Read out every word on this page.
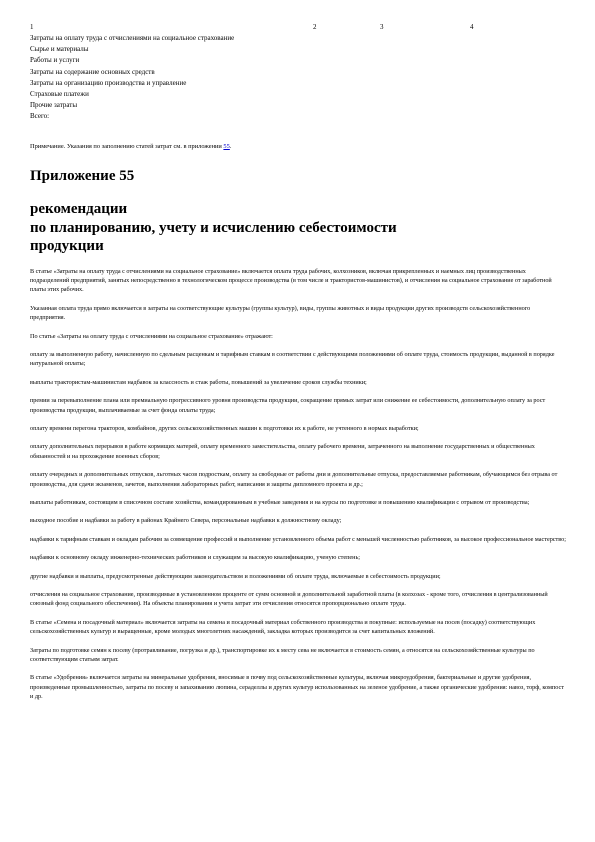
1	2	3	4
Затраты на оплату труда с отчислениями на социальное страхование
Сырье и материалы
Работы и услуги
Затраты на содержание основных средств
Затраты на организацию производства и управление
Страховые платежи
Прочие затраты
Всего:
Примечание. Указания по заполнению статей затрат см. в приложении 55.
Приложение 55
рекомендации
по планированию, учету и исчислению себестоимости
продукции

В статье «Затраты на оплату труда с отчислениями на социальное страхование» включается оплата труда рабочих, колхозников, включая прикрепленных и наемных лиц производственных подразделений предприятий, занятых непосредственно в технологическом процессе производства (в том числе и трактористов-машинистов), и отчисления на социальное страхование от заработной платы этих рабочих.

Указанная оплата труда прямо включается в затраты на соответствующие культуры (группы культур), виды, группы животных и виды продукции других производств сельскохозяйственного предприятия.

По статье «Затраты на оплату труда с отчислениями на социальное страхование» отражают:

оплату за выполненную работу, начисленную по сдельным расценкам и тарифным ставкам в соответствии с действующими положениями об оплате труда, стоимость продукции, выданной в порядке натуральной оплаты;

выплаты трактористам-машинистам надбавок за классность и стаж работы, повышений за увеличение сроков службы техники;

премии за перевыполнение плана или премиальную прогрессивного уровня производства продукции, сокращение прямых затрат или снижение ее себестоимости, дополнительную оплату за рост производства продукции, выплачиваемые за счет фонда оплаты труда;

оплату времени перегона тракторов, комбайнов, других сельскохозяйственных машин к подготовки их к работе, не учтенного в нормах выработки;

оплату дополнительных перерывов в работе кормящих матерей, оплату временного заместительства, оплату рабочего времени, затраченного на выполнение государственных и общественных обязанностей и на прохождение военных сборов;

оплату очередных и дополнительных отпусков, льготных часов подросткам, оплату за свободные от работы дни и дополнительные отпуска, предоставляемые работникам, обучающимся без отрыва от производства, для сдачи экзаменов, зачетов, выполнения лабораторных работ, написания и защиты дипломного проекта и др.;

выплаты работникам, состоящим в списочном составе хозяйства, командированным в учебные заведения и на курсы по подготовке и повышению квалификации с отрывом от производства;

выходное пособие и надбавки за работу в районах Крайнего Севера, персональные надбавки к должностному окладу;

надбавки к тарифным ставкам и окладам рабочим за совмещение профессий и выполнение установленного объема работ с меньшей численностью работников, за высокое профессиональное мастерство;

надбавки к основному окладу инженерно-технических работников и служащим за высокую квалификацию, ученую степень;

другие надбавки и выплаты, предусмотренные действующим законодательством и положениями об оплате труда, включаемые в себестоимость продукции;

отчисления на социальное страхование, производимые в установленном проценте от сумм основной и дополнительной заработной платы (в колхозах - кроме того, отчисления в централизованный союзный фонд социального обеспечения). На объекты планирования и учета затрат эти отчисления относятся пропорционально оплате труда.

В статье «Семена и посадочный материал» включается затраты на семена и посадочный материал собственного производства и покупные: используемые на посев (посадку) соответствующих сельскохозяйственных культур и выращенные, кроме молодых многолетних насаждений, закладка которых производится за счет капитальных вложений.

Затраты по подготовке семян к посеву (протравливание, погрузка и др.), транспортировке их к месту сева не включается в стоимость семян, а относятся на сельскохозяйственные культуры по соответствующим статьям затрат.

В статье «Удобрения» включается затраты на минеральные удобрения, вносимые в почву под сельскохозяйственные культуры, включая микроудобрения, бактериальные и другие удобрения, произведенные промышленностью, затраты по посеву и запахиванию люпина, сераделлы и других культур использованных на зеленое удобрение, а также органические удобрения: навоз, торф, компост и др.
